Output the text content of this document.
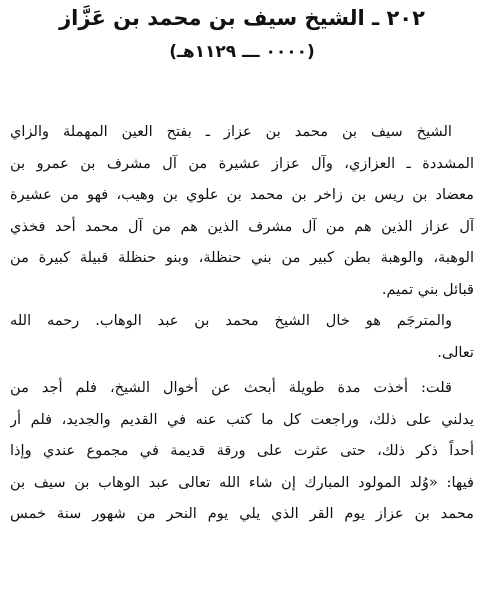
٢٠٢ ـ الشيخ سيف بن محمد بن عَزَّاز
(٠٠٠٠ ـــ ١١٢٩هـ)
الشيخ سيف بن محمد بن عزاز ـ بفتح العين المهملة والزاي
المشددة ـ العزازي، وآل عزاز عشيرة من آل مشرف بن عمرو بن
معضاد بن ريس بن زاخر بن محمد بن علوي بن وهيب، فهو من عشيرة
آل عزاز الذين هم من آل مشرف الذين هم من آل محمد أحد فخذي
الوهبة، والوهبة بطن كبير من بني حنظلة، وبنو حنظلة قبيلة كبيرة من
قبائل بني تميم.
والمترجَم هو خال الشيخ محمد بن عبد الوهاب. رحمه الله
تعالى.
قلت: أخذت مدة طويلة أبحث عن أخوال الشيخ، فلم أجد من
يدلني على ذلك، وراجعت كل ما كتب عنه في القديم والجديد، فلم أر
أحداً ذكر ذلك، حتى عثرت على ورقة قديمة في مجموع عندي وإذا
فيها: «وُلد المولود المبارك إن شاء الله تعالى عبد الوهاب بن سيف بن
محمد بن عزاز يوم القر الذي يلي يوم النحر من شهور سنة خمس
